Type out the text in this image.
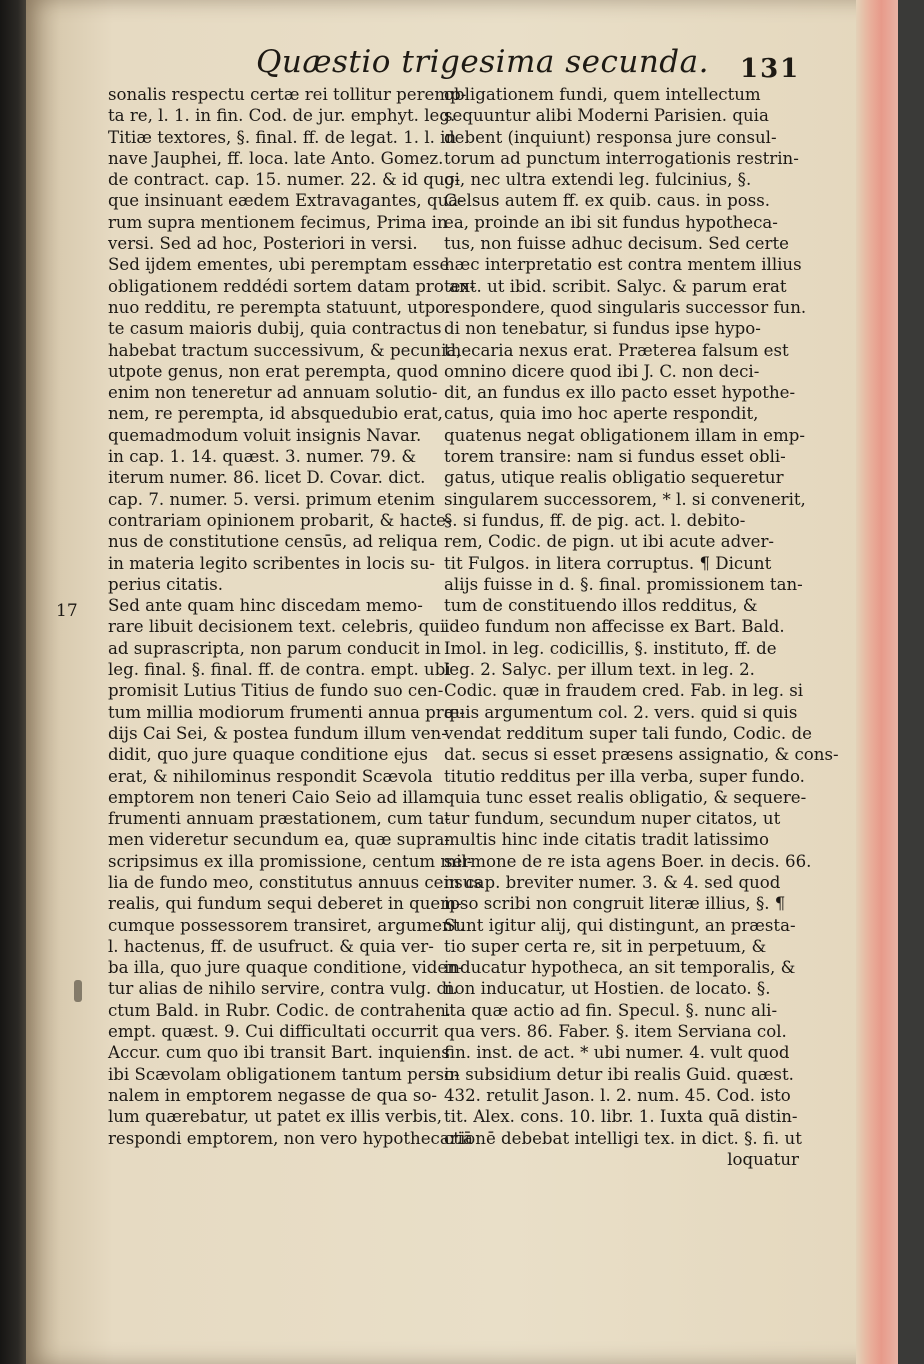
Quæstio trigesima secunda.	131
17
sonalis respectu certæ rei tollitur peremp-
ta re, l. 1. in fin. Cod. de jur. emphyt. leg.
Titiæ textores, §. final. ff. de legat. 1. l. in
nave Jauphei, ff. loca. late Anto. Gomez.
de contract. cap. 15. numer. 22. & id quo-
que insinuant eædem Extravagantes, qua-
rum supra mentionem fecimus, Prima in
versi. Sed ad hoc, Posteriori in versi.
Sed ijdem ementes, ubi peremptam esse
obligationem reddédi sortem datam pro an-
nuo redditu, re perempta statuunt, utpo.
te casum maioris dubij, quia contractus
habebat tractum successivum, & pecunia,
utpote genus, non erat perempta, quod
enim non teneretur ad annuam solutio-
nem, re perempta, id absquedubio erat,
quemadmodum voluit insignis Navar.
in cap. 1. 14. quæst. 3. numer. 79. &
iterum numer. 86. licet D. Covar. dict.
cap. 7. numer. 5. versi. primum etenim
contrariam opinionem probarit, & hacte-
nus de constitutione censūs, ad reliqua
in materia legito scribentes in locis su-
perius citatis.
Sed ante quam hinc discedam memo-
rare libuit decisionem text. celebris, qui
ad suprascripta, non parum conducit in
leg. final. §. final. ff. de contra. empt. ubi
promisit Lutius Titius de fundo suo cen-
tum millia modiorum frumenti annua præ-
dijs Cai Sei, & postea fundum illum ven-
didit, quo jure quaque conditione ejus
erat, & nihilominus respondit Scævola
emptorem non teneri Caio Seio ad illam
frumenti annuam præstationem, cum ta-
men videretur secundum ea, quæ supra-
scripsimus ex illa promissione, centum mil-
lia de fundo meo, constitutus annuus census
realis, qui fundum sequi deberet in quem-
cumque possessorem transiret, argument.
l. hactenus, ff. de usufruct. & quia ver-
ba illa, quo jure quaque conditione, viden-
tur alias de nihilo servire, contra vulg. di.
ctum Bald. in Rubr. Codic. de contrahen.
empt. quæst. 9. Cui difficultati occurrit
Accur. cum quo ibi transit Bart. inquiens
ibi Scævolam obligationem tantum perso-
nalem in emptorem negasse de qua so-
lum quærebatur, ut patet ex illis verbis,
respondi emptorem, non vero hypothecariā
obligationem fundi, quem intellectum
sequuntur alibi Moderni Parisien. quia
debent (inquiunt) responsa jure consul-
torum ad punctum interrogationis restrin-
gi, nec ultra extendi leg. fulcinius, §.
Celsus autem ff. ex quib. caus. in poss.
ea, proinde an ibi sit fundus hypotheca-
tus, non fuisse adhuc decisum. Sed certe
hæc interpretatio est contra mentem illius
text. ut ibid. scribit. Salyc. & parum erat
respondere, quod singularis successor fun.
di non tenebatur, si fundus ipse hypo-
thecaria nexus erat. Præterea falsum est
omnino dicere quod ibi J. C. non deci-
dit, an fundus ex illo pacto esset hypothe-
catus, quia imo hoc aperte respondit,
quatenus negat obligationem illam in emp-
torem transire: nam si fundus esset obli-
gatus, utique realis obligatio sequeretur
singularem successorem, * l. si convenerit,
§. si fundus, ff. de pig. act. l. debito-
rem, Codic. de pign. ut ibi acute adver-
tit Fulgos. in litera corruptus. ¶ Dicunt
alijs fuisse in d. §. final. promissionem tan-
tum de constituendo illos redditus, &
ideo fundum non affecisse ex Bart. Bald.
Imol. in leg. codicillis, §. instituto, ff. de
leg. 2. Salyc. per illum text. in leg. 2.
Codic. quæ in fraudem cred. Fab. in leg. si
quis argumentum col. 2. vers. quid si quis
vendat redditum super tali fundo, Codic. de
dat. secus si esset præsens assignatio, & cons-
titutio redditus per illa verba, super fundo.
quia tunc esset realis obligatio, & sequere-
tur fundum, secundum nuper citatos, ut
multis hinc inde citatis tradit latissimo
sermone de re ista agens Boer. in decis. 66.
in cap. breviter numer. 3. & 4. sed quod
ipso scribi non congruit literæ illius, §. ¶
Sunt igitur alij, qui distingunt, an præsta-
tio super certa re, sit in perpetuum, &
inducatur hypotheca, an sit temporalis, &
non inducatur, ut Hostien. de locato. §.
ita quæ actio ad fin. Specul. §. nunc ali-
qua vers. 86. Faber. §. item Serviana col.
fin. inst. de act. * ubi numer. 4. vult quod
in subsidium detur ibi realis Guid. quæst.
432. retulit Jason. l. 2. num. 45. Cod. isto
tit. Alex. cons. 10. libr. 1. Iuxta quā distin-
ctionē debebat intelligi tex. in dict. §. fi. ut
loquatur
